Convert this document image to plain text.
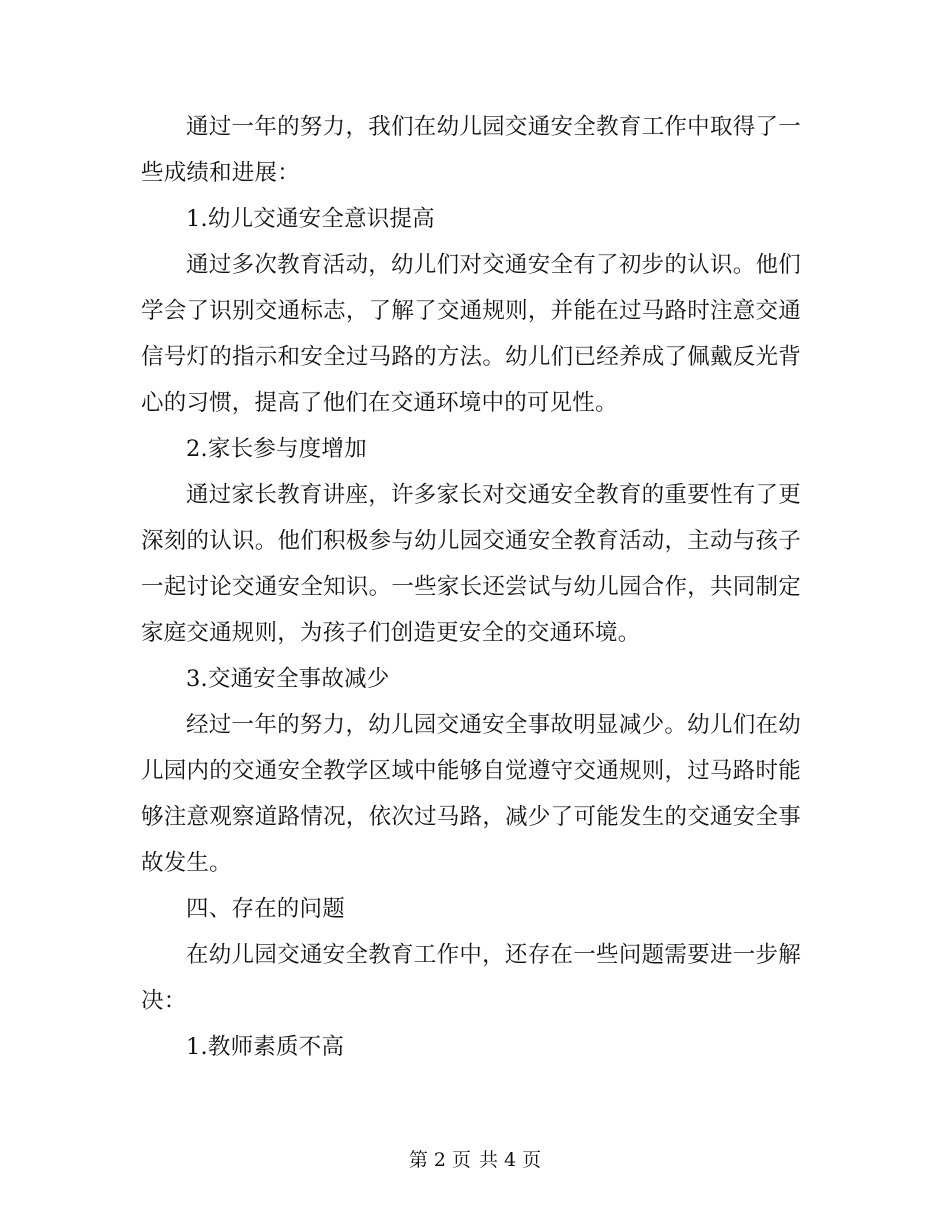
通过一年的努力，我们在幼儿园交通安全教育工作中取得了一些成绩和进展：

1.幼儿交通安全意识提高

通过多次教育活动，幼儿们对交通安全有了初步的认识。他们学会了识别交通标志，了解了交通规则，并能在过马路时注意交通信号灯的指示和安全过马路的方法。幼儿们已经养成了佩戴反光背心的习惯，提高了他们在交通环境中的可见性。

2.家长参与度增加

通过家长教育讲座，许多家长对交通安全教育的重要性有了更深刻的认识。他们积极参与幼儿园交通安全教育活动，主动与孩子一起讨论交通安全知识。一些家长还尝试与幼儿园合作，共同制定家庭交通规则，为孩子们创造更安全的交通环境。

3.交通安全事故减少

经过一年的努力，幼儿园交通安全事故明显减少。幼儿们在幼儿园内的交通安全教学区域中能够自觉遵守交通规则，过马路时能够注意观察道路情况，依次过马路，减少了可能发生的交通安全事故发生。

四、存在的问题

在幼儿园交通安全教育工作中，还存在一些问题需要进一步解决：

1.教师素质不高

第 2 页 共 4 页
